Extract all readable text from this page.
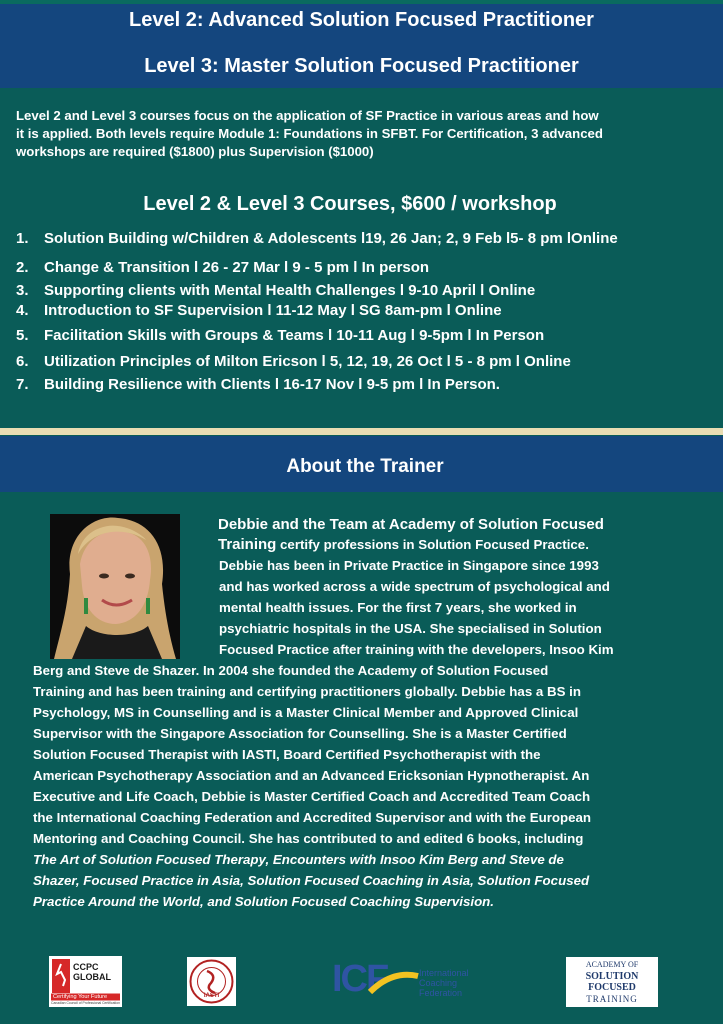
Level 2: Advanced Solution Focused Practitioner
Level 3: Master Solution Focused Practitioner
Level 2 and Level 3 courses focus on the application of SF Practice in various areas and how
it is applied. Both levels require Module 1: Foundations in SFBT. For Certification, 3 advanced
workshops are required ($1800) plus Supervision ($1000)
Level 2 & Level 3 Courses, $600 / workshop
1. Solution Building w/Children & Adolescents l19, 26 Jan; 2, 9 Feb l5- 8 pm lOnline
2. Change & Transition l 26 - 27 Mar l 9 - 5 pm l In person
3. Supporting clients with Mental Health Challenges l 9-10 April l Online
4. Introduction to SF Supervision l 11-12 May l SG 8am-pm l Online
5. Facilitation Skills with Groups & Teams l 10-11 Aug l 9-5pm l In Person
6. Utilization Principles of Milton Ericson l 5, 12, 19, 26 Oct l 5 - 8 pm l Online
7. Building Resilience with Clients l 16-17 Nov l 9-5 pm l In Person.
About the Trainer
Debbie and the Team at Academy of Solution Focused
Training certify professions in Solution Focused Practice.
Debbie has been in Private Practice in Singapore since 1993
and has worked across a wide spectrum of psychological and
mental health issues. For the first 7 years, she worked in
psychiatric hospitals in the USA. She specialised in Solution
Focused Practice after training with the developers, Insoo Kim
Berg and Steve de Shazer. In 2004 she founded the Academy of Solution Focused
Training and has been training and certifying practitioners globally. Debbie has a BS in
Psychology, MS in Counselling and is a Master Clinical Member and Approved Clinical
Supervisor with the Singapore Association for Counselling. She is a Master Certified
Solution Focused Therapist with IASTI, Board Certified Psychotherapist with the
American Psychotherapy Association and an Advanced Ericksonian Hypnotherapist. An
Executive and Life Coach, Debbie is Master Certified Coach and Accredited Team Coach
the International Coaching Federation and Accredited Supervisor and with the European
Mentoring and Coaching Council. She has contributed to and edited 6 books, including
The Art of Solution Focused Therapy, Encounters with Insoo Kim Berg and Steve de
Shazer, Focused Practice in Asia, Solution Focused Coaching in Asia, Solution Focused
Practice Around the World, and Solution Focused Coaching Supervision.
CCPC GLOBAL
Certifying Your Future
Canadian Council of Professional Certification
IASTI	ICF	International
Coaching
Federation
ACADEMY OF
SOLUTION
FOCUSED
TRAINING
